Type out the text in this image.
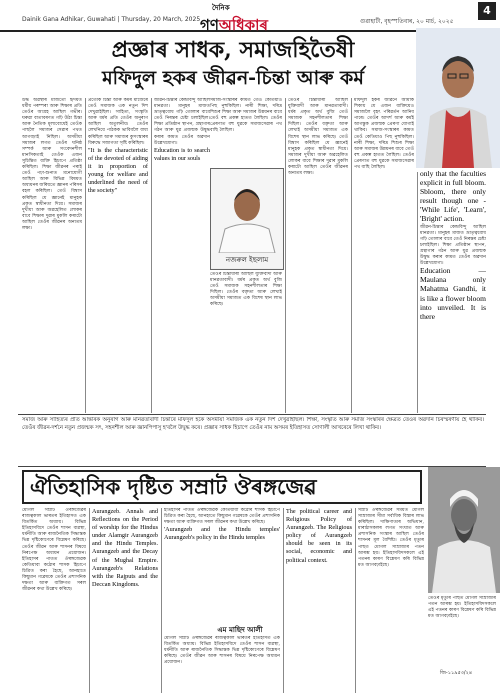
Dainik Gana Adhikar, Guwahati | Thursday, 20 March, 2025
দৈনিক
গণঅধিকাৰ	গুৱাহাটী, বৃহস্পতিবাৰ, ২০ মাৰ্চ, ২০২৫
4
প্ৰজ্ঞাৰ সাধক, সমাজহিতৈষী
মফিদুল হকৰ জীৱন-চিন্তা আৰু কৰ্ম
উৰ্দ্ধ অৱস্থাৰ মাজতো হৃদয়ত ধৰ্মীয় পৰম্পৰা আৰু শিক্ষাৰ প্ৰতি তেওঁৰ আগ্ৰহ আছিল গভীৰ। ঘৰুৱা বাতাবৰণত গঢ়ি উঠা চিন্তা আৰু নৈতিক মূল্যবোধেই তেওঁক পাছলৈ সমাজৰ সেৱাৰ পথত আগবঢ়াই নিছিল। অসমীয়া সমাজৰ লগত তেওঁৰ ঘনিষ্ঠ সম্পৰ্ক আৰু সংবেদনশীল মানসিকতাই তেওঁক এজন সুচিন্তিত ব্যক্তি হিচাপে প্ৰতিষ্ঠা কৰিছিল। শিক্ষা জীৱনৰ পৰাই তেওঁ পঢ়া-শুনাত মনোযোগী আছিল আৰু বিভিন্ন বিষয়ত অধ্যয়নৰ জৰিয়তে জ্ঞানৰ পৰিসৰ বহল কৰিছিল। তেওঁ বিশ্বাস কৰিছিল যে জ্ঞানেই মানুহক প্ৰকৃত স্বাধীনতা দিয়ে। সমাজৰ দুখীয়া আৰু অৱহেলিত লোকৰ বাবে শিক্ষাৰ দুৱাৰ মুকলি কৰাটো আছিল তেওঁৰ জীৱনৰ অন্যতম লক্ষ্য।
প্ৰত্যেক চিন্তা আৰু কৰ্মৰ মাজেৰে তেওঁ সমাজক এক নতুন দিশ দেখুৱাইছিল। সাহিত্য, সংস্কৃতি আৰু ধৰ্মৰ প্ৰতি তেওঁৰ অনুৰাগ আছিল অতুলনীয়। তেওঁৰ লেখনিয়ে পাঠকক ভাবিবলৈ বাধ্য কৰিছিল আৰু সমাজৰ কুসংস্কাৰৰ বিৰুদ্ধে সজাগতা সৃষ্টি কৰিছিল।
"It is the characteristic of the devoted of aiding it in proportion of young for welfare and underlined the need of the society"
জীৱন-চিন্তাৰ কেন্দ্ৰবিন্দু আছিল মানৱতা। মানুহৰ মাজত ভ্ৰাতৃত্ববোধ গঢ়ি তোলাৰ বাবে তেওঁ নিৰন্তৰ চেষ্টা চলাইছিল। শিক্ষা প্ৰতিষ্ঠান স্থাপন, গ্ৰন্থাগাৰ গঠন আৰু যুৱ প্ৰজন্মক উদ্বুদ্ধ কৰাৰ কামত তেওঁৰ অৱদান উল্লেখযোগ্য।
Education is to search values in our souls
নজৰুল ইছলাম
সমাজ-সংস্কাৰৰ কামত তেওঁ কেতিয়াও পিছ নুহুকিছিল। নাৰী শিক্ষা, দৰিদ্ৰ শিশুৰ শিক্ষা আৰু সমাজৰ উন্নয়নৰ বাবে তেওঁ বহু প্ৰকল্প হাতত লৈছিল। তেওঁৰ প্ৰেৰণাত বহু যুৱকে সমাজসেৱাৰ পথ বাছি লৈছিল।
তেওঁৰ চিন্তাধাৰা আছিল যুক্তিবাদী আৰু মানৱতাবাদী। ধৰ্মৰ প্ৰকৃত অৰ্থ বুজি তেওঁ সমাজক সহনশীলতাৰ শিক্ষা দিছিল। তেওঁৰ বক্তৃতা আৰু লেখাই অসমীয়া সমাজত এক বিশেষ স্থান লাভ কৰিছে।
তেওঁৰ চিন্তাধাৰা আছিল যুক্তিবাদী আৰু মানৱতাবাদী। ধৰ্মৰ প্ৰকৃত অৰ্থ বুজি তেওঁ সমাজক সহনশীলতাৰ শিক্ষা দিছিল। তেওঁৰ বক্তৃতা আৰু লেখাই অসমীয়া সমাজত এক বিশেষ স্থান লাভ কৰিছে। তেওঁ বিশ্বাস কৰিছিল যে জ্ঞানেই মানুহক প্ৰকৃত স্বাধীনতা দিয়ে। সমাজৰ দুখীয়া আৰু অৱহেলিত লোকৰ বাবে শিক্ষাৰ দুৱাৰ মুকলি কৰাটো আছিল তেওঁৰ জীৱনৰ অন্যতম লক্ষ্য।
মফিদুল হকৰ জীৱনে আমাক শিকায় যে এজন ব্যক্তিয়েও সমাজলৈ বৃহৎ পৰিৱৰ্তন আনিব পাৰে। তেওঁৰ আদৰ্শ আৰু কৰ্মই আগন্তুক প্ৰজন্মক প্ৰেৰণা যোগাই থাকিব। সমাজ-সংস্কাৰৰ কামত তেওঁ কেতিয়াও পিছ নুহুকিছিল। নাৰী শিক্ষা, দৰিদ্ৰ শিশুৰ শিক্ষা আৰু সমাজৰ উন্নয়নৰ বাবে তেওঁ বহু প্ৰকল্প হাতত লৈছিল। তেওঁৰ প্ৰেৰণাত বহু যুৱকে সমাজসেৱাৰ পথ বাছি লৈছিল।
only that the faculties explicit in full bloom. Sbloom, there only result though one - 'While Life', 'Learn', 'Bright' action.
জীৱন-চিন্তাৰ কেন্দ্ৰবিন্দু আছিল মানৱতা। মানুহৰ মাজত ভ্ৰাতৃত্ববোধ গঢ়ি তোলাৰ বাবে তেওঁ নিৰন্তৰ চেষ্টা চলাইছিল। শিক্ষা প্ৰতিষ্ঠান স্থাপন, গ্ৰন্থাগাৰ গঠন আৰু যুৱ প্ৰজন্মক উদ্বুদ্ধ কৰাৰ কামত তেওঁৰ অৱদান উল্লেখযোগ্য।
Education — Maulana only Mahatma Gandhi, it is like a flower bloom into unveiled. It is there
সমাজ আৰু সাহিত্যৰ প্ৰতি আন্তৰিক অনুৰাগ আৰু মানৱতাবাদী চিন্তাৰে মফিদুল হকে অসমীয়া সমাজক এক নতুন দিশ দেখুৱাইছিল। শিক্ষা, সংস্কৃতি আৰু সমাজ সংস্কাৰৰ ক্ষেত্ৰত তেওঁৰ অৱদান চিৰস্মৰণীয় হৈ থাকিব। তেওঁৰ জীৱন-দৰ্শনে নতুন প্ৰজন্মক সৎ, সহনশীল আৰু জ্ঞানপিপাসু হ'বলৈ উদ্বুদ্ধ কৰে। প্ৰজ্ঞাৰ সাধক হিচাপে তেওঁৰ নাম অসমৰ ইতিহাসত সোণালী আখৰেৰে লিখা থাকিব।
ঐতিহাসিক দৃষ্টিত সম্ৰাট ঔৰঙ্গজেৱ
মোগল সম্ৰাট ঔৰঙ্গজেৱৰ ৰাজত্বকাল ভাৰতৰ ইতিহাসত এক বিতৰ্কিত অধ্যায়। বিভিন্ন ইতিহাসবিদে তেওঁৰ শাসন ব্যৱস্থা, ধৰ্মনীতি আৰু ৰাজনৈতিক সিদ্ধান্তক ভিন্ন দৃষ্টিকোণেৰে বিশ্লেষণ কৰিছে। তেওঁৰ জীৱন আৰু শাসনৰ বিষয়ে নিৰপেক্ষ অধ্যয়ন প্ৰয়োজন। ইতিহাসৰ পাতত ঔৰঙ্গজেৱক কেতিয়াবা কঠোৰ শাসক হিচাপে চিত্ৰিত কৰা হৈছে, আনহাতে কিছুমান গৱেষকে তেওঁৰ প্ৰশাসনিক দক্ষতা আৰু ব্যক্তিগত সৰল জীৱনৰ কথা উল্লেখ কৰিছে।
Aurangzeb. Annals and Reflections on the Period of worship for the Hindus under Alamgir Aurangzeb and the Hindu Temples. Aurangzeb and the Decay of the Mughal Empire. Aurangzeb's Relations with the Rajputs and the Deccan Kingdoms.
ইতিহাসৰ পাতত ঔৰঙ্গজেৱক কেতিয়াবা কঠোৰ শাসক হিচাপে চিত্ৰিত কৰা হৈছে, আনহাতে কিছুমান গৱেষকে তেওঁৰ প্ৰশাসনিক দক্ষতা আৰু ব্যক্তিগত সৰল জীৱনৰ কথা উল্লেখ কৰিছে।
'Aurangzeb and the Hindu temples' Aurangzeb's policy in the Hindu temples
এম মাছিদ আলী
মোগল সম্ৰাট ঔৰঙ্গজেৱৰ ৰাজত্বকাল ভাৰতৰ ইতিহাসত এক বিতৰ্কিত অধ্যায়। বিভিন্ন ইতিহাসবিদে তেওঁৰ শাসন ব্যৱস্থা, ধৰ্মনীতি আৰু ৰাজনৈতিক সিদ্ধান্তক ভিন্ন দৃষ্টিকোণেৰে বিশ্লেষণ কৰিছে। তেওঁৰ জীৱন আৰু শাসনৰ বিষয়ে নিৰপেক্ষ অধ্যয়ন প্ৰয়োজন।
The political career and Religious Policy of Aurangzeb. The Religious policy of Aurangzeb should be seen in its social, economic and political context.
সম্ৰাট ঔৰঙ্গজেৱৰ সময়ত মোগল সাম্ৰাজ্যৰ সীমা সৰ্বাধিক বিস্তাৰ লাভ কৰিছিল। দাক্ষিণাত্যৰ অভিযান, মাৰাঠাসকলৰ লগত সংঘাত আৰু প্ৰশাসনিক সংস্কাৰ আছিল তেওঁৰ শাসনৰ মূল বৈশিষ্ট্য। তেওঁৰ মৃত্যুৰ পাছত মোগল সাম্ৰাজ্যৰ পতন আৰম্ভ হয়। ইতিহাসবিদসকলে এই পতনৰ কাৰণ বিশ্লেষণ কৰি বিভিন্ন মত আগবঢ়াইছে।
তেওঁৰ মৃত্যুৰ পাছত মোগল সাম্ৰাজ্যৰ পতন আৰম্ভ হয়। ইতিহাসবিদসকলে এই পতনৰ কাৰণ বিশ্লেষণ কৰি বিভিন্ন মত আগবঢ়াইছে।
জি-১১৯৫৩/২৪
